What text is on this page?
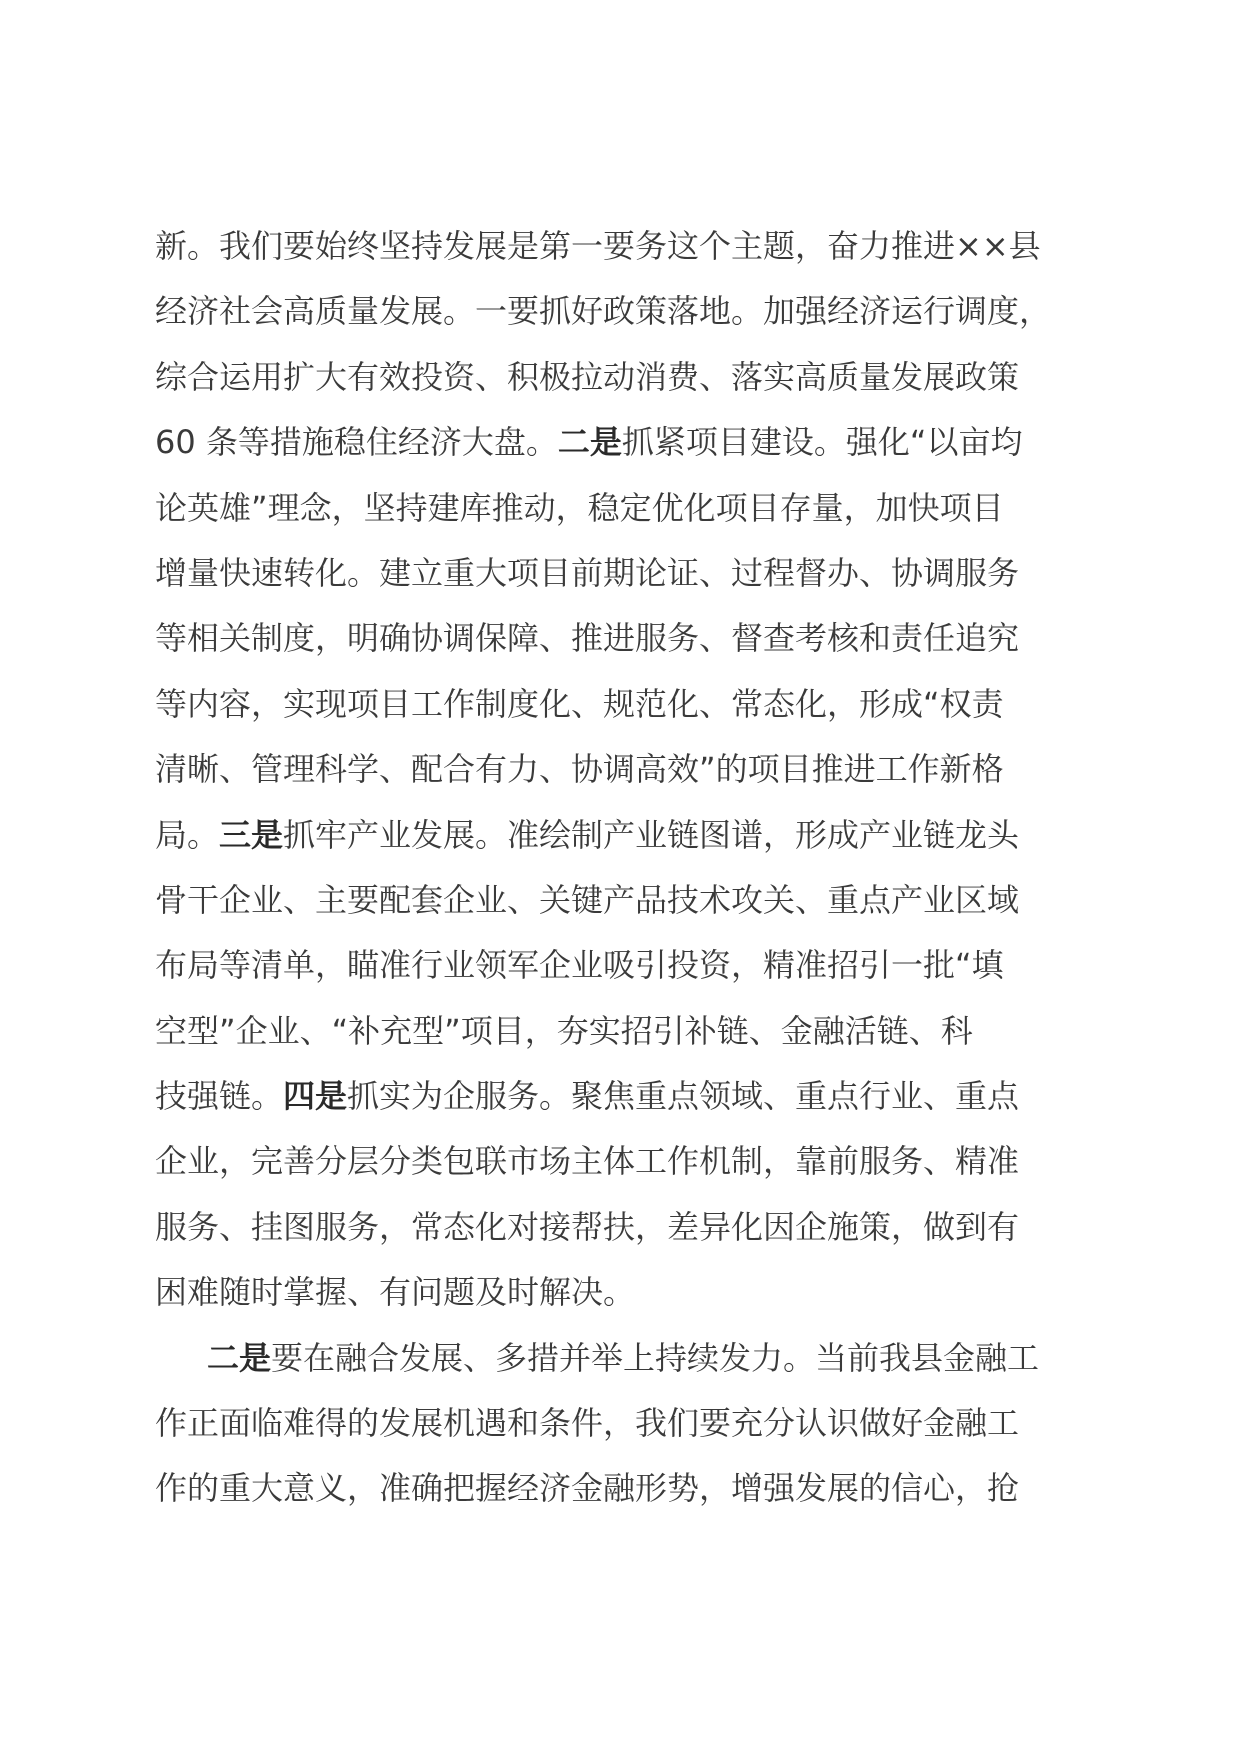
新。我们要始终坚持发展是第一要务这个主题，奋力推进××县
经济社会高质量发展。一要抓好政策落地。加强经济运行调度，
综合运用扩大有效投资、积极拉动消费、落实高质量发展政策
60 条等措施稳住经济大盘。二是抓紧项目建设。强化“以亩均
论英雄”理念，坚持建库推动，稳定优化项目存量，加快项目
增量快速转化。建立重大项目前期论证、过程督办、协调服务
等相关制度，明确协调保障、推进服务、督查考核和责任追究
等内容，实现项目工作制度化、规范化、常态化，形成“权责
清晰、管理科学、配合有力、协调高效”的项目推进工作新格
局。三是抓牢产业发展。准绘制产业链图谱，形成产业链龙头
骨干企业、主要配套企业、关键产品技术攻关、重点产业区域
布局等清单，瞄准行业领军企业吸引投资，精准招引一批“填
空型”企业、“补充型”项目，夯实招引补链、金融活链、科
技强链。四是抓实为企服务。聚焦重点领域、重点行业、重点
企业，完善分层分类包联市场主体工作机制，靠前服务、精准
服务、挂图服务，常态化对接帮扶，差异化因企施策，做到有
困难随时掌握、有问题及时解决。
二是要在融合发展、多措并举上持续发力。当前我县金融工
作正面临难得的发展机遇和条件，我们要充分认识做好金融工
作的重大意义，准确把握经济金融形势，增强发展的信心，抢
